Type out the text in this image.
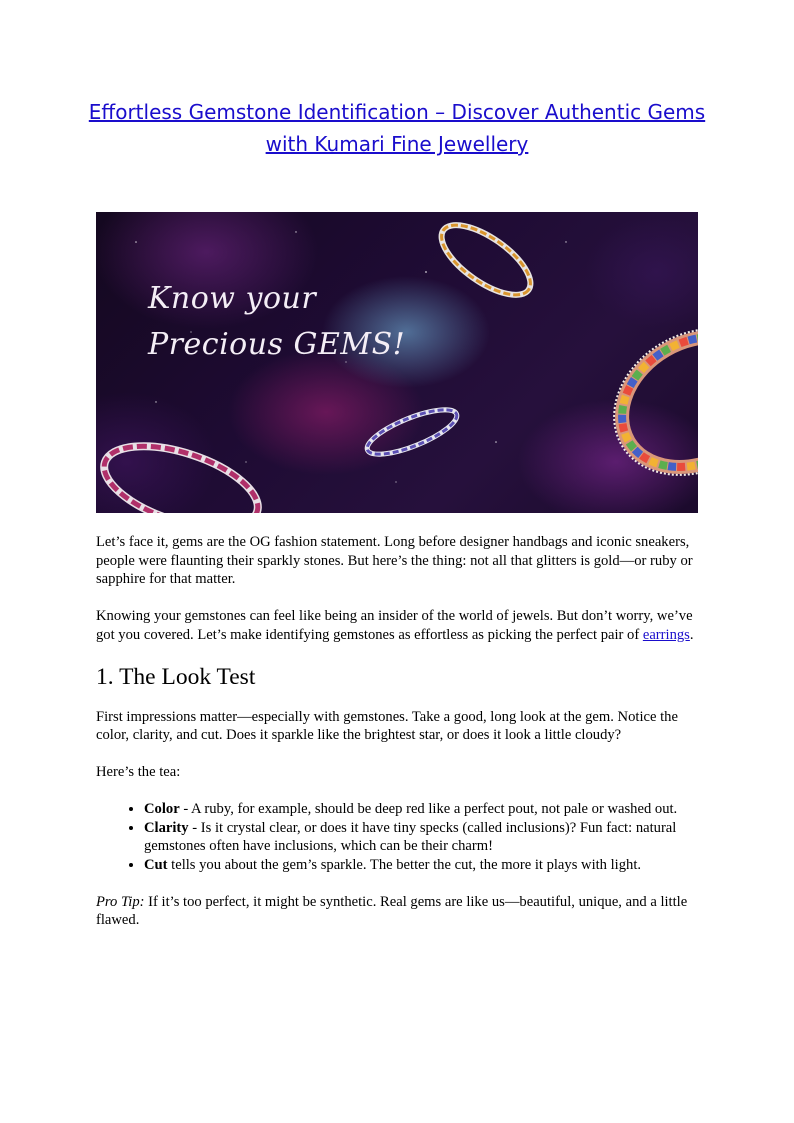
Effortless Gemstone Identification – Discover Authentic Gems with Kumari Fine Jewellery
Know your
Precious GEMS!

Let’s face it, gems are the OG fashion statement. Long before designer handbags and iconic sneakers, people were flaunting their sparkly stones. But here’s the thing: not all that glitters is gold—or ruby or sapphire for that matter.

Knowing your gemstones can feel like being an insider of the world of jewels. But don’t worry, we’ve got you covered. Let’s make identifying gemstones as effortless as picking the perfect pair of earrings.

1. The Look Test

First impressions matter—especially with gemstones. Take a good, long look at the gem. Notice the color, clarity, and cut. Does it sparkle like the brightest star, or does it look a little cloudy?

Here’s the tea:

• Color - A ruby, for example, should be deep red like a perfect pout, not pale or washed out.
• Clarity - Is it crystal clear, or does it have tiny specks (called inclusions)? Fun fact: natural gemstones often have inclusions, which can be their charm!
• Cut tells you about the gem’s sparkle. The better the cut, the more it plays with light.

Pro Tip: If it’s too perfect, it might be synthetic. Real gems are like us—beautiful, unique, and a little flawed.
